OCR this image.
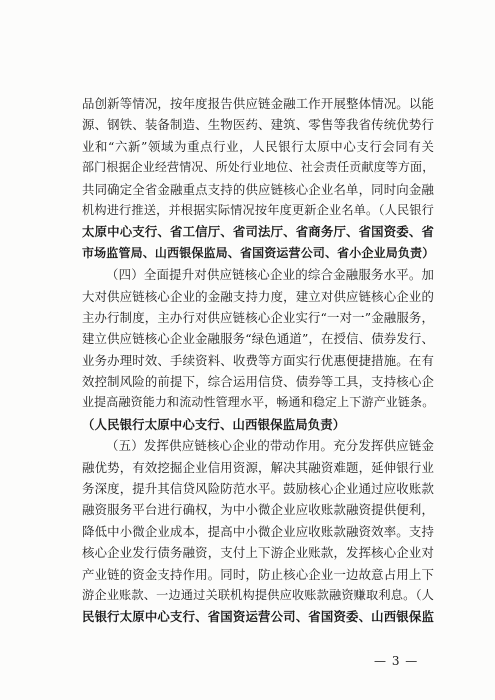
品创新等情况，按年度报告供应链金融工作开展整体情况。以能
源、钢铁、装备制造、生物医药、建筑、零售等我省传统优势行
业和“六新”领域为重点行业，人民银行太原中心支行会同有关
部门根据企业经营情况、所处行业地位、社会责任贡献度等方面，
共同确定全省金融重点支持的供应链核心企业名单，同时向金融
机构进行推送，并根据实际情况按年度更新企业名单。（人民银行
太原中心支行、省工信厅、省司法厅、省商务厅、省国资委、省
市场监管局、山西银保监局、省国资运营公司、省小企业局负责）
（四）全面提升对供应链核心企业的综合金融服务水平。加
大对供应链核心企业的金融支持力度，建立对供应链核心企业的
主办行制度，主办行对供应链核心企业实行“一对一”金融服务，
建立供应链核心企业金融服务“绿色通道”，在授信、债券发行、
业务办理时效、手续资料、收费等方面实行优惠便捷措施。在有
效控制风险的前提下，综合运用信贷、债券等工具，支持核心企
业提高融资能力和流动性管理水平，畅通和稳定上下游产业链条。
（人民银行太原中心支行、山西银保监局负责）
（五）发挥供应链核心企业的带动作用。充分发挥供应链金
融优势，有效挖掘企业信用资源，解决其融资难题，延伸银行业
务深度，提升其信贷风险防范水平。鼓励核心企业通过应收账款
融资服务平台进行确权，为中小微企业应收账款融资提供便利，
降低中小微企业成本，提高中小微企业应收账款融资效率。支持
核心企业发行债务融资，支付上下游企业账款，发挥核心企业对
产业链的资金支持作用。同时，防止核心企业一边故意占用上下
游企业账款、一边通过关联机构提供应收账款融资赚取利息。（人
民银行太原中心支行、省国资运营公司、省国资委、山西银保监
— 3 —
